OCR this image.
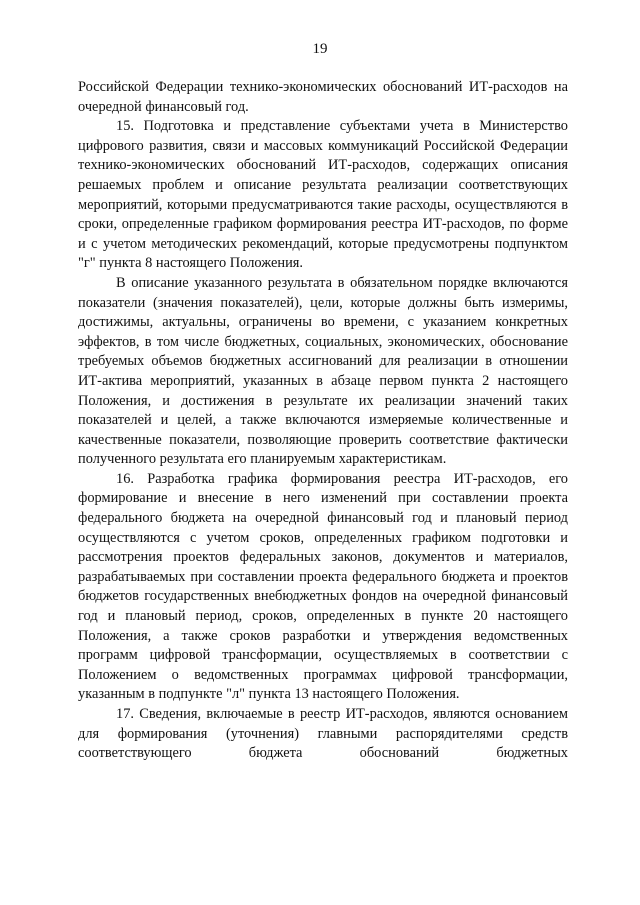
19

Российской Федерации технико-экономических обоснований ИТ-расходов на очередной финансовый год.

15. Подготовка и представление субъектами учета в Министерство цифрового развития, связи и массовых коммуникаций Российской Федерации технико-экономических обоснований ИТ-расходов, содержащих описания решаемых проблем и описание результата реализации соответствующих мероприятий, которыми предусматриваются такие расходы, осуществляются в сроки, определенные графиком формирования реестра ИТ-расходов, по форме и с учетом методических рекомендаций, которые предусмотрены подпунктом "г" пункта 8 настоящего Положения.

В описание указанного результата в обязательном порядке включаются показатели (значения показателей), цели, которые должны быть измеримы, достижимы, актуальны, ограничены во времени, с указанием конкретных эффектов, в том числе бюджетных, социальных, экономических, обоснование требуемых объемов бюджетных ассигнований для реализации в отношении ИТ-актива мероприятий, указанных в абзаце первом пункта 2 настоящего Положения, и достижения в результате их реализации значений таких показателей и целей, а также включаются измеряемые количественные и качественные показатели, позволяющие проверить соответствие фактически полученного результата его планируемым характеристикам.

16. Разработка графика формирования реестра ИТ-расходов, его формирование и внесение в него изменений при составлении проекта федерального бюджета на очередной финансовый год и плановый период осуществляются с учетом сроков, определенных графиком подготовки и рассмотрения проектов федеральных законов, документов и материалов, разрабатываемых при составлении проекта федерального бюджета и проектов бюджетов государственных внебюджетных фондов на очередной финансовый год и плановый период, сроков, определенных в пункте 20 настоящего Положения, а также сроков разработки и утверждения ведомственных программ цифровой трансформации, осуществляемых в соответствии с Положением о ведомственных программах цифровой трансформации, указанным в подпункте "л" пункта 13 настоящего Положения.

17. Сведения, включаемые в реестр ИТ-расходов, являются основанием для формирования (уточнения) главными распорядителями средств соответствующего бюджета обоснований бюджетных
